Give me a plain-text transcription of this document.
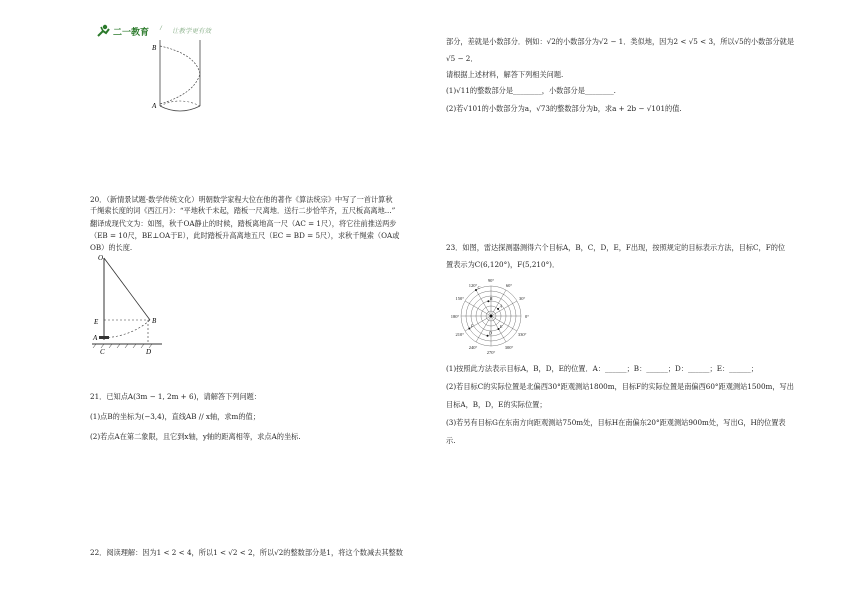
二一教育 / 让教学更有效
B
A
20．（新情景试题·数学传统文化）明朝数学家程大位在他的著作《算法统宗》中写了一首计算秋
千绳索长度的词《西江月》：“平地秋千未起，踏板一尺离地．送行二步恰竿齐，五尺板高离地...”
翻译成现代文为：如图，秋千OA静止的时候，踏板离地高一尺（AC = 1尺），将它往前推送两步
（EB = 10尺，BE⊥OA于E），此时踏板升高离地五尺（EC = BD = 5尺），求秋千绳索（OA或
OB）的长度.
O
E	B
A
C	D
21．已知点A(3m − 1, 2m + 6)，请解答下列问题：
(1)点B的坐标为(−3,4)，直线AB // x轴，求m的值；
(2)若点A在第二象限，且它到x轴，y轴的距离相等，求点A的坐标.
22．阅读理解：因为1 < 2 < 4，所以1 < √2 < 2，所以√2的整数部分是1，将这个数减去其整数
部分，差就是小数部分．例如：√2的小数部分为√2 − 1．类似地，因为2 < √5 < 3，所以√5的小数部分就是
√5 − 2．
请根据上述材料，解答下列相关问题.
(1)√11的整数部分是________，小数部分是________.
(2)若√101的小数部分为a，√73的整数部分为b，求a + 2b − √101的值.
23．如图，雷达探测器测得六个目标A，B，C，D，E，F出现，按照规定的目标表示方法，目标C，F的位
置表示为C(6,120°)，F(5,210°)．
120°
90°
60°
150°	30°
180°	0°
210°	330°
240°
270°
300°
A
B
C
D
E
F
(1)按照此方法表示目标A，B，D，E的位置．A：______；B：______；D：______；E：______；
(2)若目标C的实际位置是北偏西30°距观测站1800m，目标F的实际位置是南偏西60°距观测站1500m，写出
目标A，B，D，E的实际位置；
(3)若另有目标G在东南方向距观测站750m处，目标H在南偏东20°距观测站900m处，写出G，H的位置表
示.
